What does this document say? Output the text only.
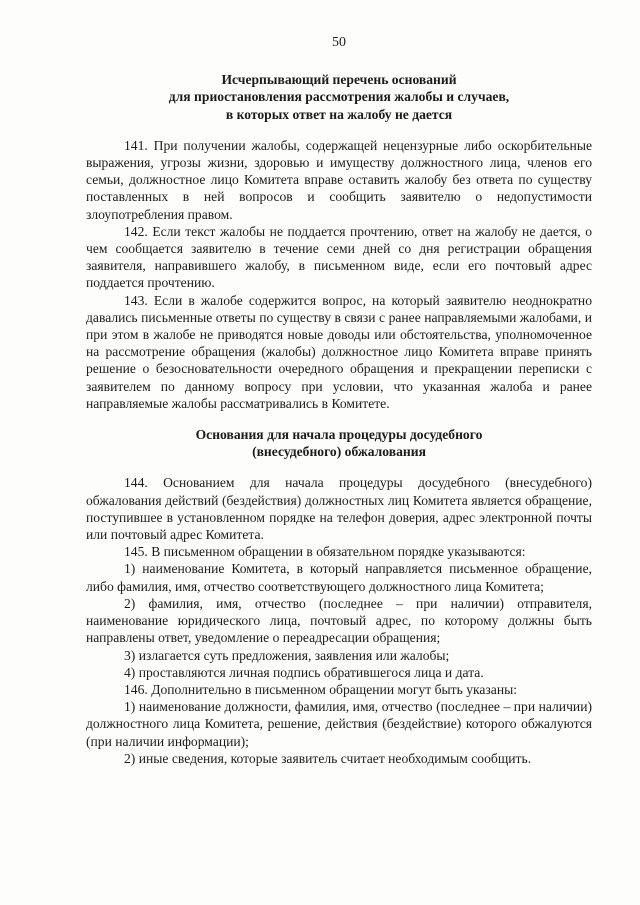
50

Исчерпывающий перечень оснований
для приостановления рассмотрения жалобы и случаев,
в которых ответ на жалобу не дается

141. При получении жалобы, содержащей нецензурные либо оскорбительные выражения, угрозы жизни, здоровью и имуществу должностного лица, членов его семьи, должностное лицо Комитета вправе оставить жалобу без ответа по существу поставленных в ней вопросов и сообщить заявителю о недопустимости злоупотребления правом.

142. Если текст жалобы не поддается прочтению, ответ на жалобу не дается, о чем сообщается заявителю в течение семи дней со дня регистрации обращения заявителя, направившего жалобу, в письменном виде, если его почтовый адрес поддается прочтению.

143. Если в жалобе содержится вопрос, на который заявителю неоднократно давались письменные ответы по существу в связи с ранее направляемыми жалобами, и при этом в жалобе не приводятся новые доводы или обстоятельства, уполномоченное на рассмотрение обращения (жалобы) должностное лицо Комитета вправе принять решение о безосновательности очередного обращения и прекращении переписки с заявителем по данному вопросу при условии, что указанная жалоба и ранее направляемые жалобы рассматривались в Комитете.

Основания для начала процедуры досудебного
(внесудебного) обжалования

144. Основанием для начала процедуры досудебного (внесудебного) обжалования действий (бездействия) должностных лиц Комитета является обращение, поступившее в установленном порядке на телефон доверия, адрес электронной почты или почтовый адрес Комитета.

145. В письменном обращении в обязательном порядке указываются:

1) наименование Комитета, в который направляется письменное обращение, либо фамилия, имя, отчество соответствующего должностного лица Комитета;

2) фамилия, имя, отчество (последнее – при наличии) отправителя, наименование юридического лица, почтовый адрес, по которому должны быть направлены ответ, уведомление о переадресации обращения;

3) излагается суть предложения, заявления или жалобы;

4) проставляются личная подпись обратившегося лица и дата.

146. Дополнительно в письменном обращении могут быть указаны:

1) наименование должности, фамилия, имя, отчество (последнее – при наличии) должностного лица Комитета, решение, действия (бездействие) которого обжалуются (при наличии информации);

2) иные сведения, которые заявитель считает необходимым сообщить.
